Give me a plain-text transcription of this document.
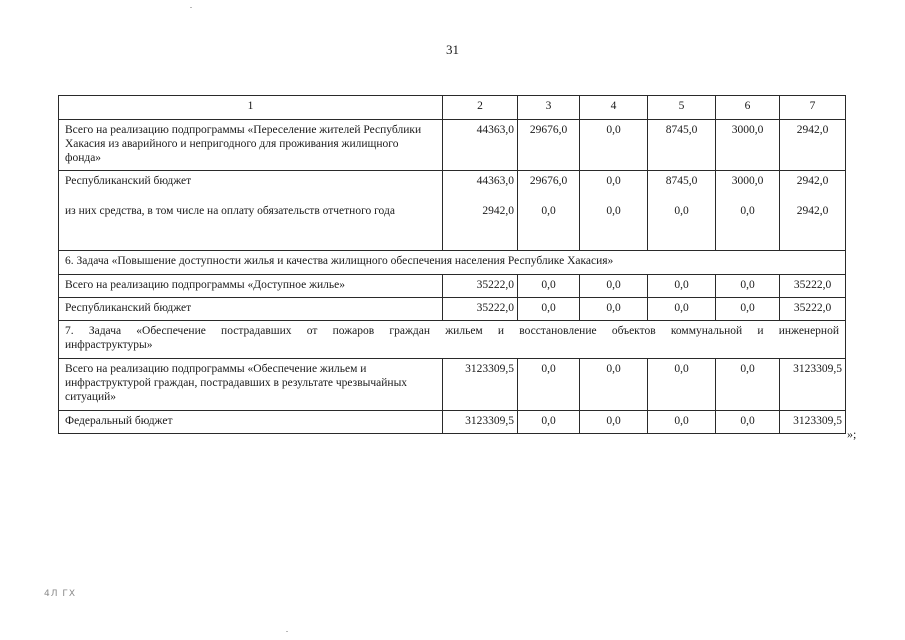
31
1	2	3	4	5	6	7
Всего на реализацию подпрограммы «Переселение жителей Республики Хакасия из аварийного и непригодного для проживания жилищного фонда»	44363,0	29676,0	0,0	8745,0	3000,0	2942,0
Республиканский бюджет	44363,0	29676,0	0,0	8745,0	3000,0	2942,0
из них средства, в том числе на оплату обязательств отчетного года	2942,0	0,0	0,0	0,0	0,0	2942,0
6. Задача «Повышение доступности жилья и качества жилищного обеспечения населения Республике Хакасия»						
Всего на реализацию подпрограммы «Доступное жилье»	35222,0	0,0	0,0	0,0	0,0	35222,0
Республиканский бюджет	35222,0	0,0	0,0	0,0	0,0	35222,0

7. Задача «Обеспечение пострадавших от пожаров граждан жильем и восстановление объектов коммунальной и инженерной
инфраструктуры»						
Всего на реализацию подпрограммы «Обеспечение жильем и инфраструктурой граждан, пострадавших в результате чрезвычайных ситуаций»	3123309,5	0,0	0,0	0,0	0,0	3123309,5
Федеральный бюджет	3123309,5	0,0	0,0	0,0	0,0	3123309,5
»;
4Л ГХ
